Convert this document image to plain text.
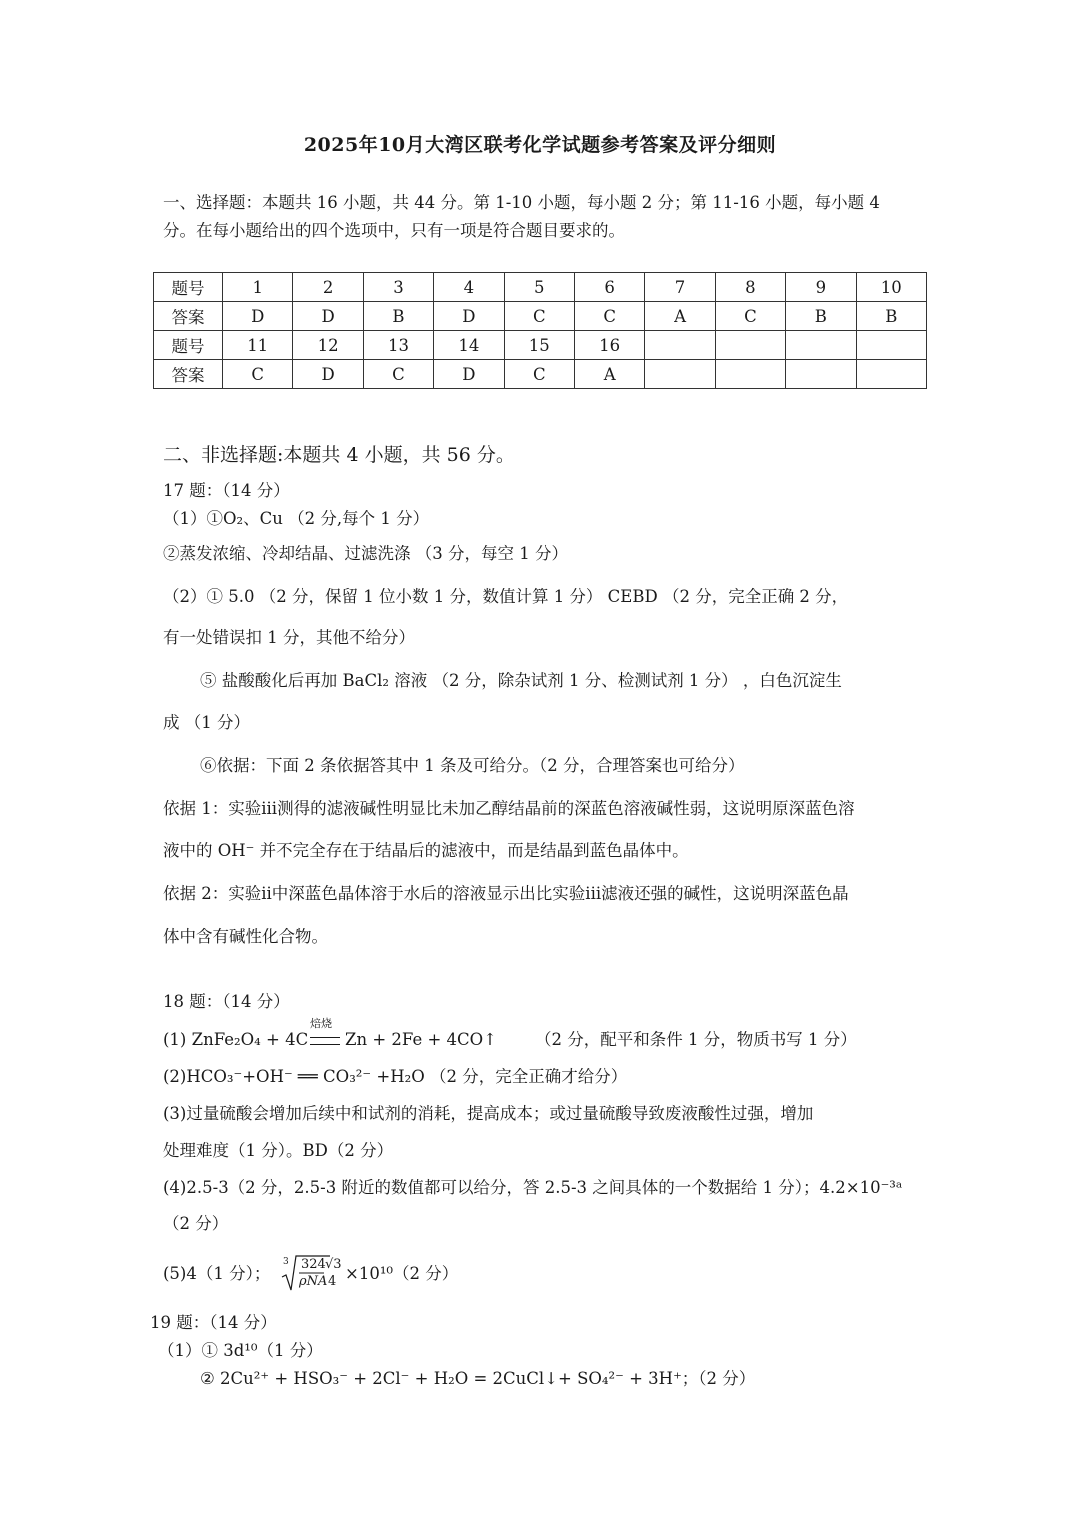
2025年10月大湾区联考化学试题参考答案及评分细则
一、选择题：本题共 16 小题，共 44 分。第 1-10 小题，每小题 2 分；第 11-16 小题，每小题 4
分。在每小题给出的四个选项中，只有一项是符合题目要求的。
题号	1	2	3	4	5	6	7	8	9	10
答案	D	D	B	D	C	C	A	C	B	B
题号	11	12	13	14	15	16				
答案	C	D	C	D	C	A				
二、非选择题:本题共 4 小题，共 56 分。
17 题：（14 分）
（1）①O₂、Cu （2 分,每个 1 分）
②蒸发浓缩、冷却结晶、过滤洗涤 （3 分，每空 1 分）
（2）① 5.0 （2 分，保留 1 位小数 1 分，数值计算 1 分） CEBD （2 分，完全正确 2 分，
有一处错误扣 1 分，其他不给分）
⑤ 盐酸酸化后再加 BaCl₂ 溶液 （2 分，除杂试剂 1 分、检测试剂 1 分） ，白色沉淀生
成 （1 分）
⑥依据：下面 2 条依据答其中 1 条及可给分。（2 分，合理答案也可给分）
依据 1：实验iii测得的滤液碱性明显比未加乙醇结晶前的深蓝色溶液碱性弱，这说明原深蓝色溶
液中的 OH⁻ 并不完全存在于结晶后的滤液中，而是结晶到蓝色晶体中。
依据 2：实验ii中深蓝色晶体溶于水后的溶液显示出比实验iii滤液还强的碱性，这说明深蓝色晶
体中含有碱性化合物。
18 题：（14 分）
(1) ZnFe₂O₄ + 4C
焙烧
Zn + 2Fe + 4CO↑ （2 分，配平和条件 1 分，物质书写 1 分）
(2)HCO₃⁻+OH⁻ ══ CO₃²⁻ +H₂O （2 分，完全正确才给分）
(3)过量硫酸会增加后续中和试剂的消耗，提高成本；或过量硫酸导致废液酸性过强，增加
处理难度（1 分）。BD（2 分）
(4)2.5-3（2 分，2.5-3 附近的数值都可以给分，答 2.5-3 之间具体的一个数据给 1 分）；4.2×10⁻³ᵃ
（2 分）
(5)4（1 分）；
3 324
ρNA
√3
4 ×10¹⁰（2 分）
19 题：（14 分）
（1）① 3d¹⁰（1 分）
② 2Cu²⁺ + HSO₃⁻ + 2Cl⁻ + H₂O = 2CuCl↓+ SO₄²⁻ + 3H⁺；（2 分）
